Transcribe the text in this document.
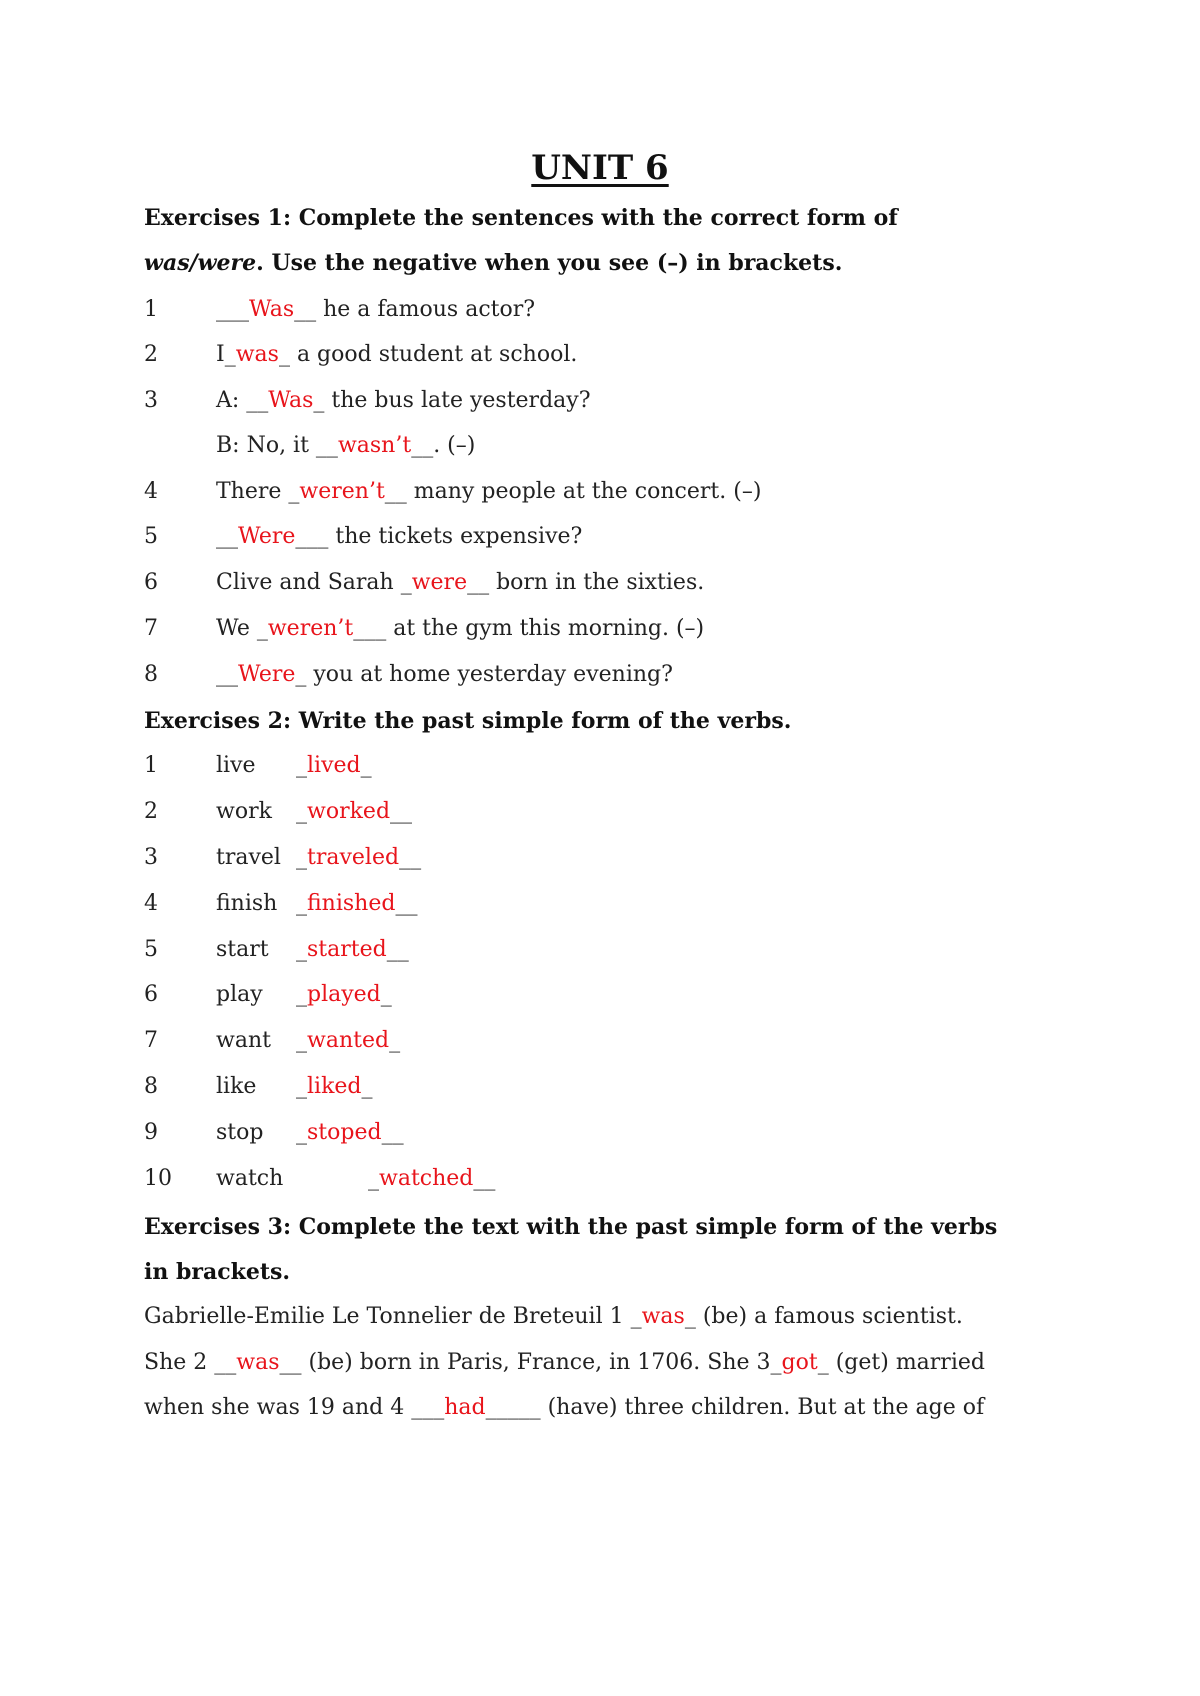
UNIT 6
Exercises 1: Complete the sentences with the correct form of
was/were. Use the negative when you see (–) in brackets.
1	___Was__ he a famous actor?
2	I_was_ a good student at school.
3	A: __Was_ the bus late yesterday?
B: No, it __wasn’t__. (–)
4	There _weren’t__ many people at the concert. (–)
5	__Were___ the tickets expensive?
6	Clive and Sarah _were__ born in the sixties.
7	We _weren’t___ at the gym this morning. (–)
8	__Were_ you at home yesterday evening?
Exercises 2: Write the past simple form of the verbs.
1	live _lived_
2	work _worked__
3	travel _traveled__
4	finish _finished__
5	start _started__
6	play _played_
7	want _wanted_
8	like _liked_
9	stop _stoped__
10 watch	_watched__
Exercises 3: Complete the text with the past simple form of the verbs
in brackets.
Gabrielle-Emilie Le Tonnelier de Breteuil 1 _was_ (be) a famous scientist.
She 2 __was__ (be) born in Paris, France, in 1706. She 3_got_ (get) married
when she was 19 and 4 ___had_____ (have) three children. But at the age of
